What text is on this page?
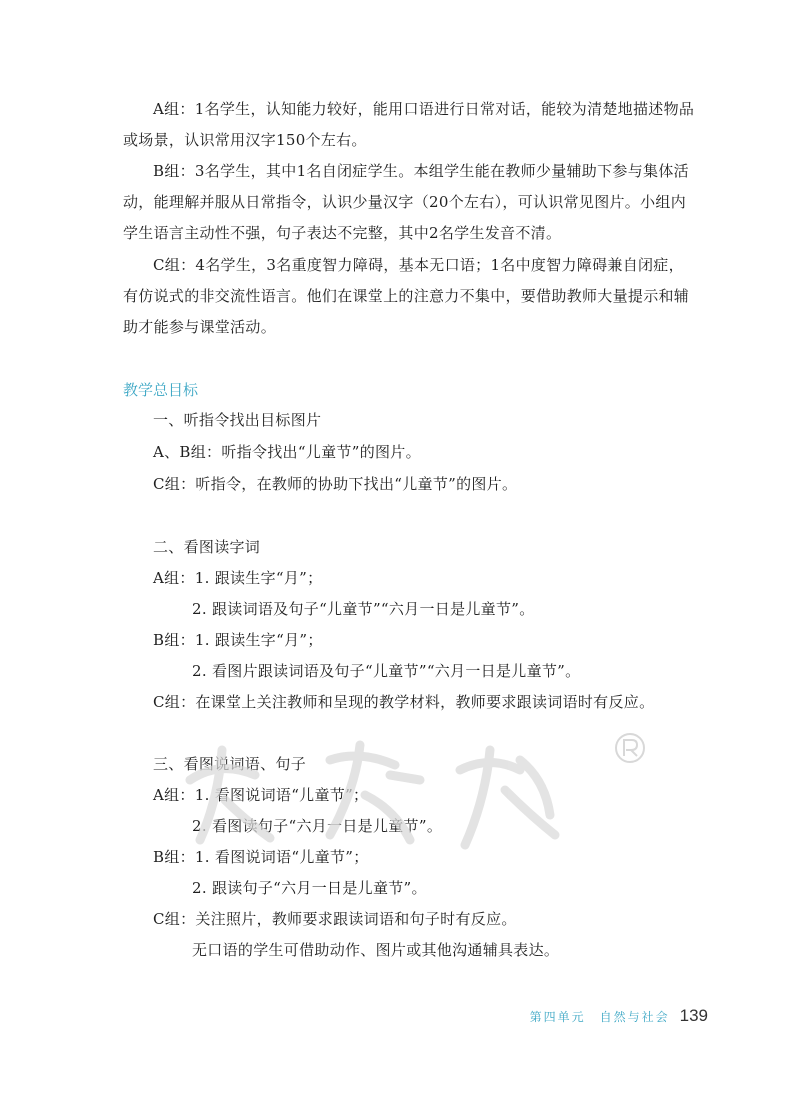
A组：1名学生，认知能力较好，能用口语进行日常对话，能较为清楚地描述物品或场景，认识常用汉字150个左右。

B组：3名学生，其中1名自闭症学生。本组学生能在教师少量辅助下参与集体活动，能理解并服从日常指令，认识少量汉字（20个左右），可认识常见图片。小组内学生语言主动性不强，句子表达不完整，其中2名学生发音不清。

C组：4名学生，3名重度智力障碍，基本无口语；1名中度智力障碍兼自闭症，有仿说式的非交流性语言。他们在课堂上的注意力不集中，要借助教师大量提示和辅助才能参与课堂活动。

教学总目标
一、听指令找出目标图片
A、B组：听指令找出“儿童节”的图片。
C组：听指令，在教师的协助下找出“儿童节”的图片。
二、看图读字词
A组：1. 跟读生字“月”；
2. 跟读词语及句子“儿童节”“六月一日是儿童节”。
B组：1. 跟读生字“月”；
2. 看图片跟读词语及句子“儿童节”“六月一日是儿童节”。
C组：在课堂上关注教师和呈现的教学材料，教师要求跟读词语时有反应。
三、看图说词语、句子
A组：1. 看图说词语“儿童节”；
2. 看图读句子“六月一日是儿童节”。
B组：1. 看图说词语“儿童节”；
2. 跟读句子“六月一日是儿童节”。
C组：关注照片，教师要求跟读词语和句子时有反应。
无口语的学生可借助动作、图片或其他沟通辅具表达。
第四单元　自然与社会 139
